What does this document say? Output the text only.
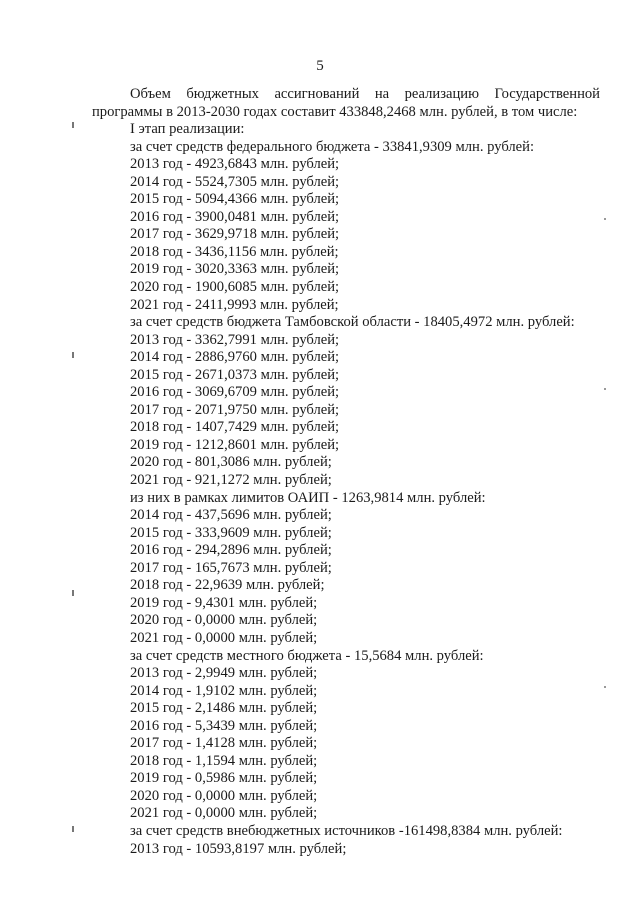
5
Объем бюджетных ассигнований на реализацию Государственной программы в 2013-2030 годах составит 433848,2468 млн. рублей, в том числе:
I этап реализации:
за счет средств федерального бюджета - 33841,9309 млн. рублей:
2013 год - 4923,6843 млн. рублей;
2014 год - 5524,7305 млн. рублей;
2015 год - 5094,4366 млн. рублей;
2016 год - 3900,0481 млн. рублей;
2017 год - 3629,9718 млн. рублей;
2018 год - 3436,1156 млн. рублей;
2019 год - 3020,3363 млн. рублей;
2020 год - 1900,6085 млн. рублей;
2021 год - 2411,9993 млн. рублей;
за счет средств бюджета Тамбовской области - 18405,4972 млн. рублей:
2013 год - 3362,7991 млн. рублей;
2014 год - 2886,9760 млн. рублей;
2015 год - 2671,0373 млн. рублей;
2016 год - 3069,6709 млн. рублей;
2017 год - 2071,9750 млн. рублей;
2018 год - 1407,7429 млн. рублей;
2019 год - 1212,8601 млн. рублей;
2020 год - 801,3086 млн. рублей;
2021 год - 921,1272 млн. рублей;
из них в рамках лимитов ОАИП - 1263,9814 млн. рублей:
2014 год - 437,5696 млн. рублей;
2015 год - 333,9609 млн. рублей;
2016 год - 294,2896 млн. рублей;
2017 год - 165,7673 млн. рублей;
2018 год - 22,9639 млн. рублей;
2019 год - 9,4301 млн. рублей;
2020 год - 0,0000 млн. рублей;
2021 год - 0,0000 млн. рублей;
за счет средств местного бюджета - 15,5684 млн. рублей:
2013 год - 2,9949 млн. рублей;
2014 год - 1,9102 млн. рублей;
2015 год - 2,1486 млн. рублей;
2016 год - 5,3439 млн. рублей;
2017 год - 1,4128 млн. рублей;
2018 год - 1,1594 млн. рублей;
2019 год - 0,5986 млн. рублей;
2020 год - 0,0000 млн. рублей;
2021 год - 0,0000 млн. рублей;
за счет средств внебюджетных источников -161498,8384 млн. рублей:
2013 год - 10593,8197 млн. рублей;
